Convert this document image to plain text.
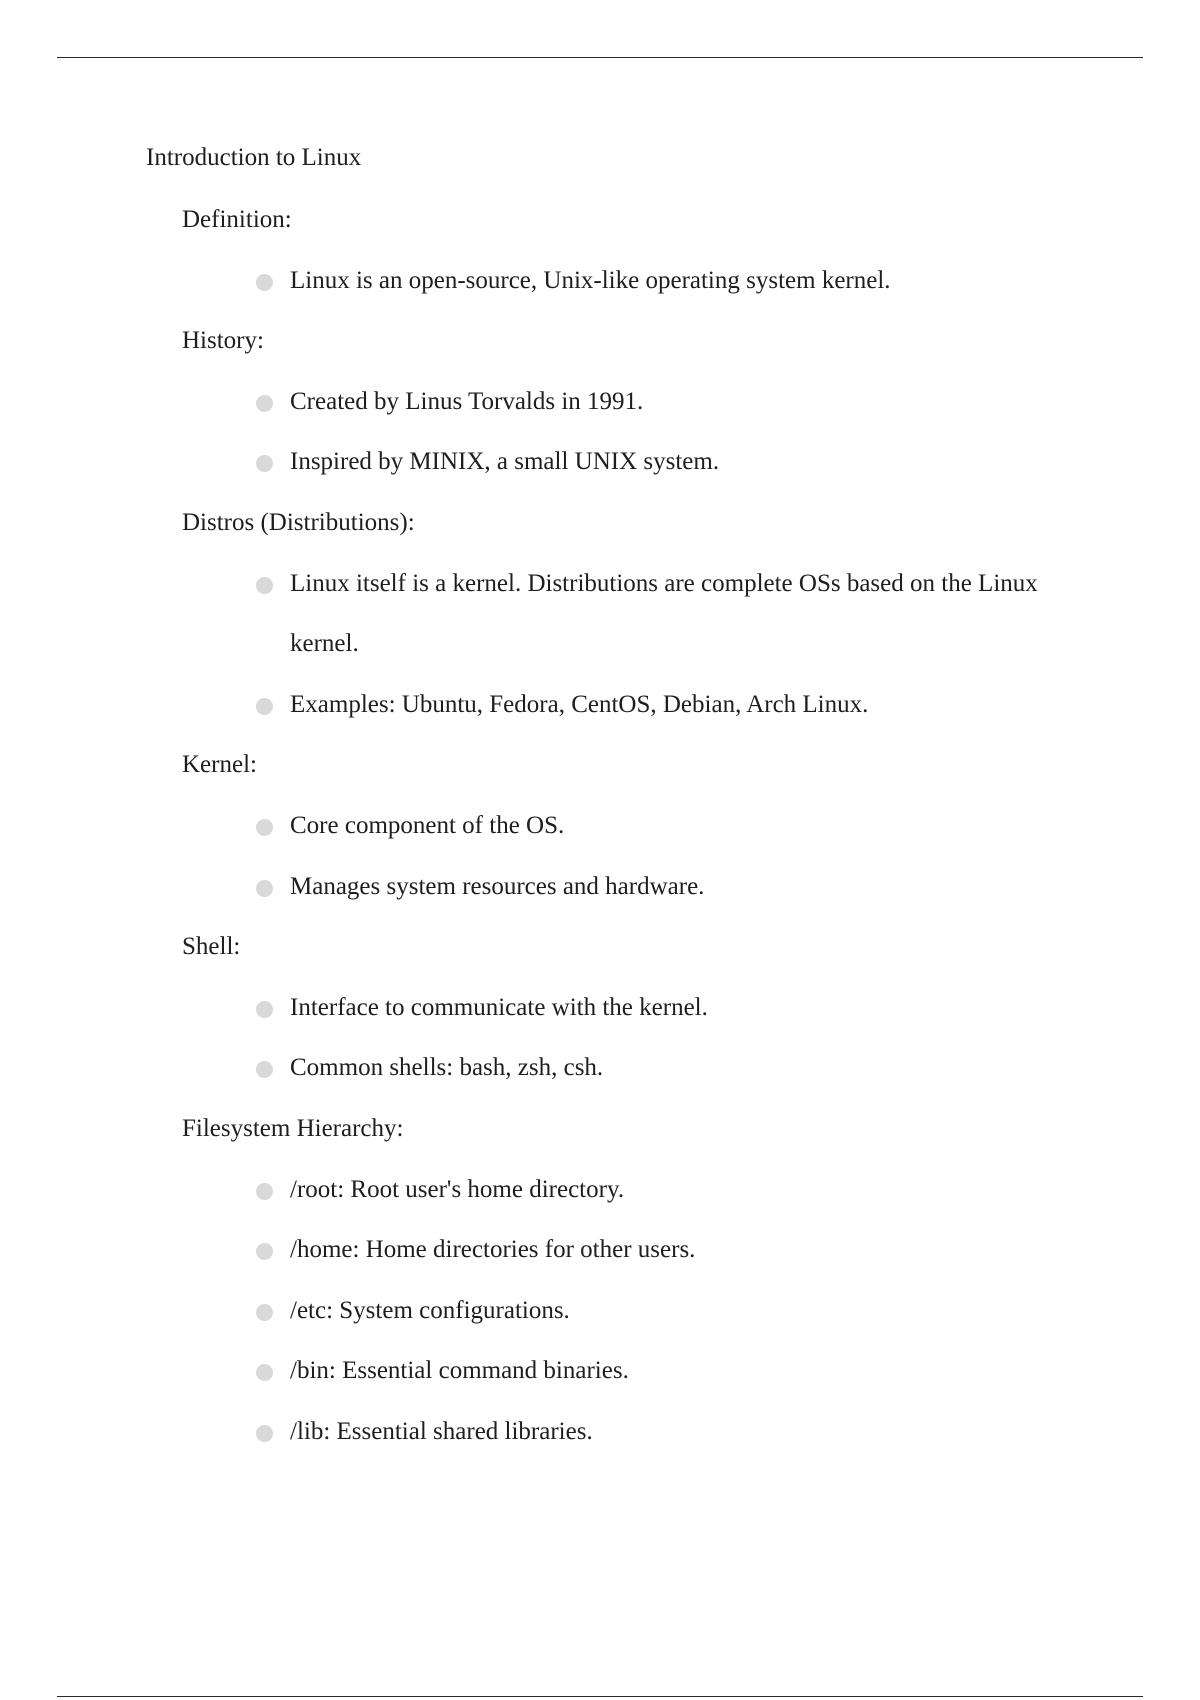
Introduction to Linux
Definition:
Linux is an open-source, Unix-like operating system kernel.
History:
Created by Linus Torvalds in 1991.
Inspired by MINIX, a small UNIX system.
Distros (Distributions):
Linux itself is a kernel. Distributions are complete OSs based on the Linux kernel.
Examples: Ubuntu, Fedora, CentOS, Debian, Arch Linux.
Kernel:
Core component of the OS.
Manages system resources and hardware.
Shell:
Interface to communicate with the kernel.
Common shells: bash, zsh, csh.
Filesystem Hierarchy:
/root: Root user's home directory.
/home: Home directories for other users.
/etc: System configurations.
/bin: Essential command binaries.
/lib: Essential shared libraries.
